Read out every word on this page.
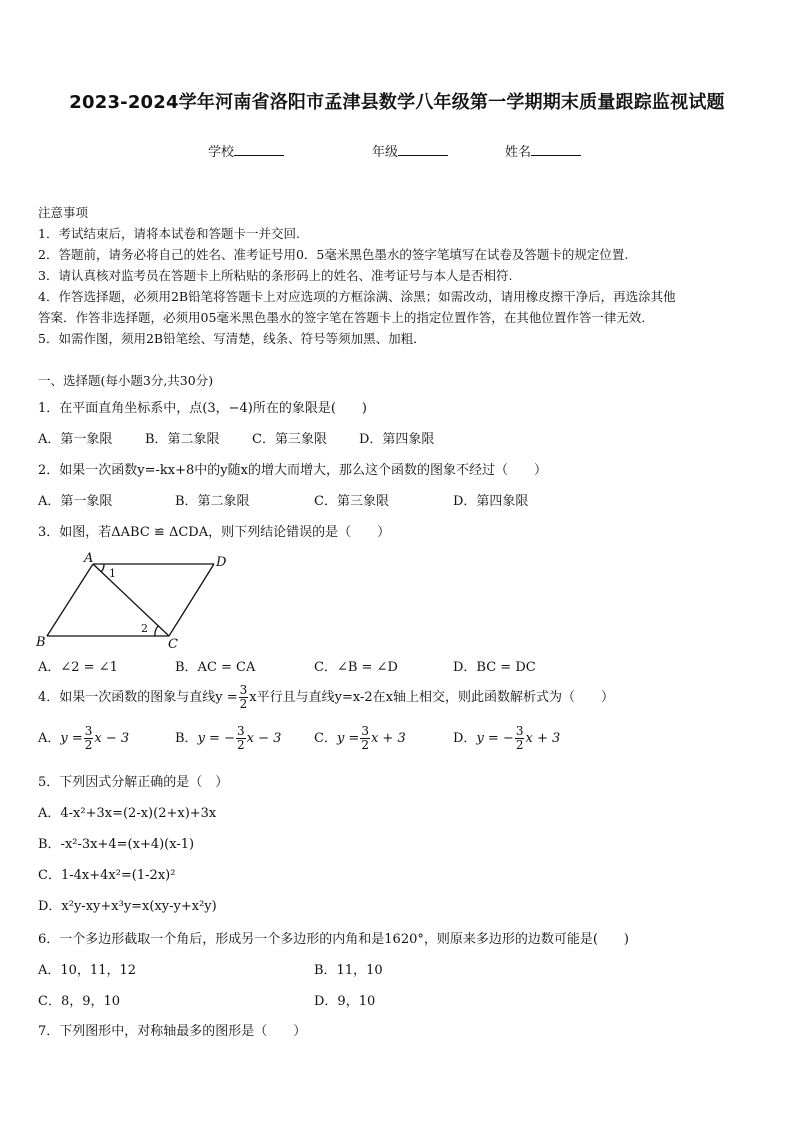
2023-2024学年河南省洛阳市孟津县数学八年级第一学期期末质量跟踪监视试题
学校	年级	姓名
注意事项
1．考试结束后，请将本试卷和答题卡一并交回.
2．答题前，请务必将自己的姓名、准考证号用0．5毫米黑色墨水的签字笔填写在试卷及答题卡的规定位置.
3．请认真核对监考员在答题卡上所粘贴的条形码上的姓名、准考证号与本人是否相符.
4．作答选择题，必须用2B铅笔将答题卡上对应选项的方框涂满、涂黑；如需改动，请用橡皮擦干净后，再选涂其他
答案．作答非选择题，必须用05毫米黑色墨水的签字笔在答题卡上的指定位置作答，在其他位置作答一律无效．
5．如需作图，须用2B铅笔绘、写清楚，线条、符号等须加黑、加粗．
一、选择题(每小题3分,共30分)
1．在平面直角坐标系中，点(3，−4)所在的象限是(　　)
A．第一象限	B．第二象限 C．第三象限 D．第四象限
2．如果一次函数y=-kx+8中的y随x的增大而增大，那么这个函数的图象不经过（　　）
A．第一象限	B．第二象限	C．第三象限	D．第四象限
3．如图，若ΔABC ≌ ΔCDA，则下列结论错误的是（　　）
A	D
B	C
1
2
A．∠2 = ∠1	B．AC = CA	C．∠B = ∠D	D．BC = DC
4．如果一次函数的图象与直线$y = \frac{3}{2}$ x平行且与直线y=x-2在x轴上相交，则此函数解析式为（　　）
A．$y = \frac{3}{2}$ x − 3	B．y = − $\frac{3}{2}$ x − 3	C．$y = \frac{3}{2}$ x + 3	D．y = − $\frac{3}{2}$ x + 3
5．下列因式分解正确的是（　）
A．4-x²+3x=(2-x)(2+x)+3x
B．-x²-3x+4=(x+4)(x-1)
C．1-4x+4x²=(1-2x)²
D．x²y-xy+x³y=x(xy-y+x²y)
6．一个多边形截取一个角后，形成另一个多边形的内角和是1620°，则原来多边形的边数可能是(　　)
A．10，11，12	B．11，10
C．8，9，10	D．9，10
7．下列图形中，对称轴最多的图形是（　　）
